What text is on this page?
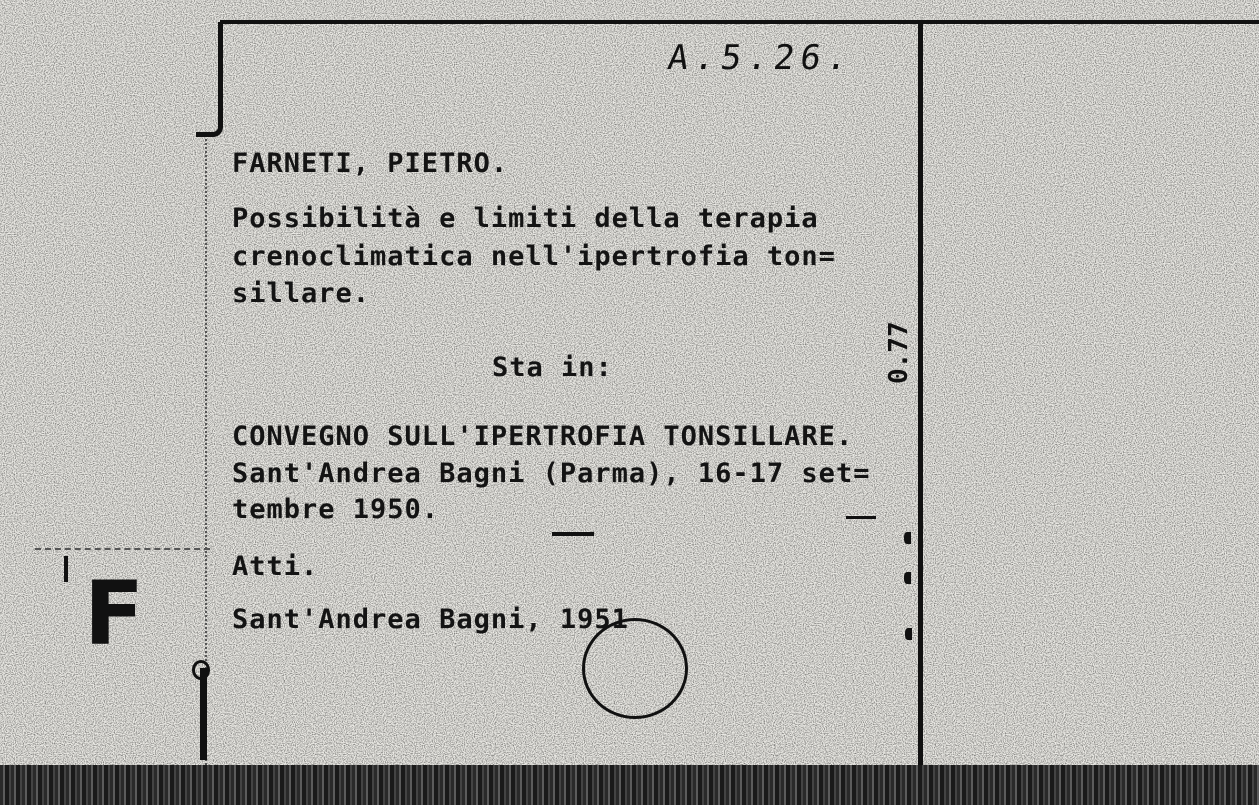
A.5.26.
FARNETI, PIETRO.
Possibilità e limiti della terapia
crenoclimatica nell'ipertrofia ton=
sillare.
Sta in:
CONVEGNO SULL'IPERTROFIA TONSILLARE.
Sant'Andrea Bagni (Parma), 16-17 set=
tembre 1950.
Atti.
Sant'Andrea Bagni, 1951
0.77
F
